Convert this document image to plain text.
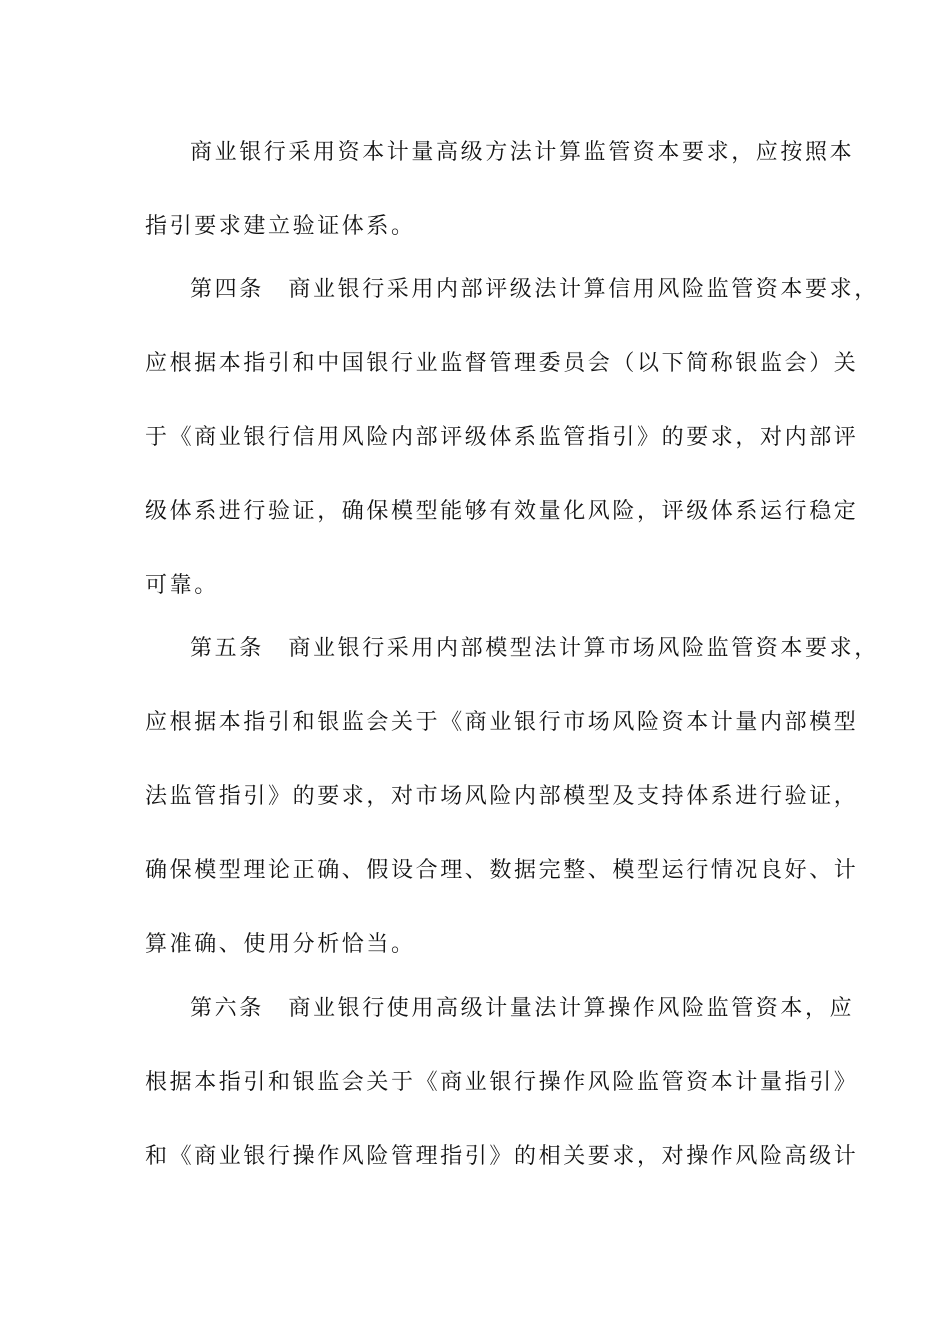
商业银行采用资本计量高级方法计算监管资本要求，应按照本
指引要求建立验证体系。
第四条　商业银行采用内部评级法计算信用风险监管资本要求，
应根据本指引和中国银行业监督管理委员会（以下简称银监会）关
于《商业银行信用风险内部评级体系监管指引》的要求，对内部评
级体系进行验证，确保模型能够有效量化风险，评级体系运行稳定
可靠。
第五条　商业银行采用内部模型法计算市场风险监管资本要求，
应根据本指引和银监会关于《商业银行市场风险资本计量内部模型
法监管指引》的要求，对市场风险内部模型及支持体系进行验证，
确保模型理论正确、假设合理、数据完整、模型运行情况良好、计
算准确、使用分析恰当。
第六条　商业银行使用高级计量法计算操作风险监管资本，应
根据本指引和银监会关于《商业银行操作风险监管资本计量指引》
和《商业银行操作风险管理指引》的相关要求，对操作风险高级计
